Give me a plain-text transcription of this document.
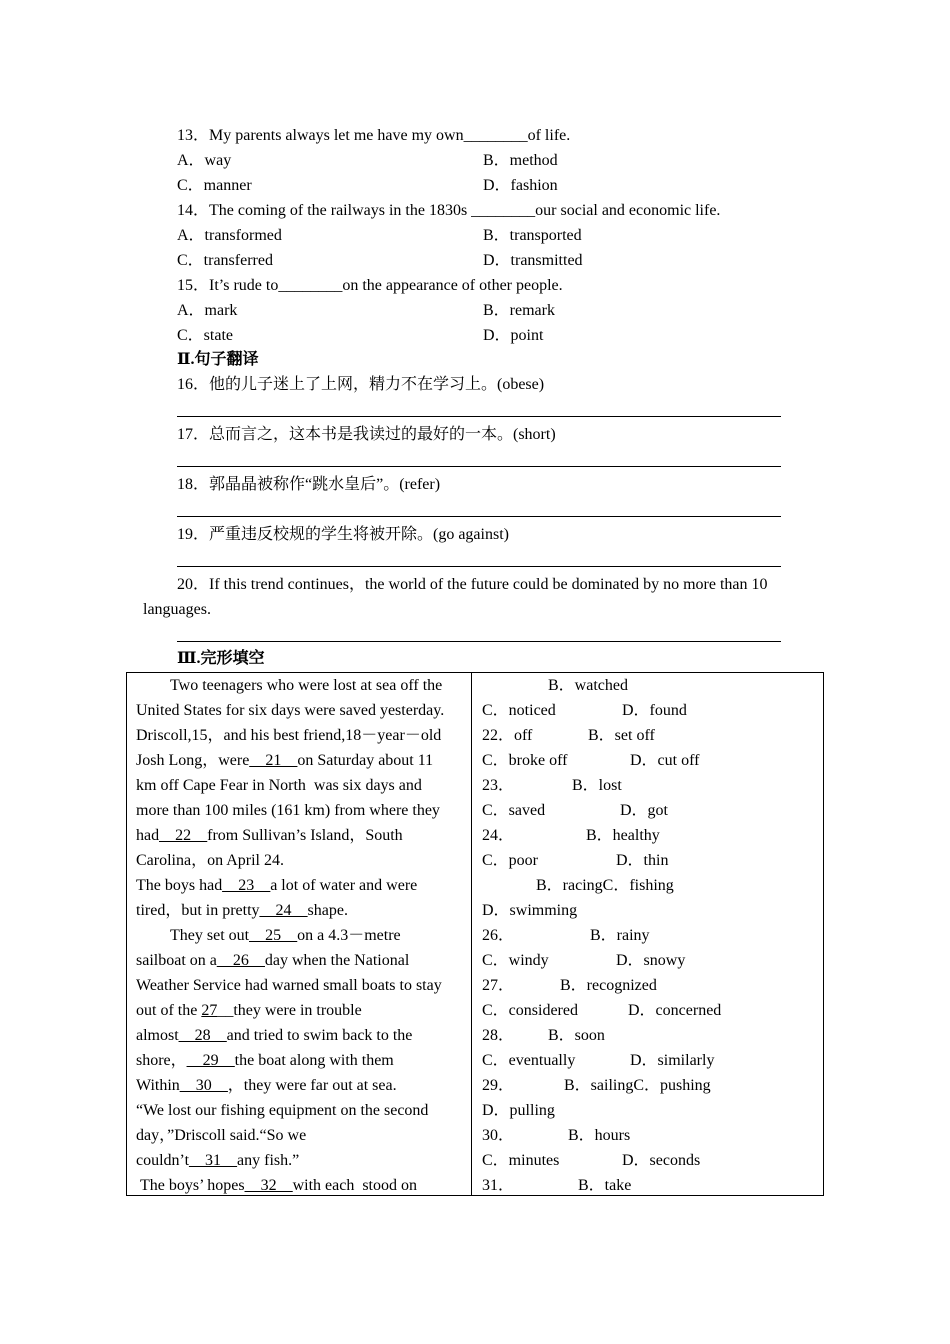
13．My parents always let me have my own________of life.
A．way	B．method
C．manner	D．fashion
14．The coming of the railways in the 1830s ________our social and economic life.
A．transformed	B．transported
C．transferred	D．transmitted
15．It’s rude to________on the appearance of other people.
A．mark	B．remark
C．state	D．point
Ⅱ.句子翻译
16．他的儿子迷上了上网，精力不在学习上。(obese)
17．总而言之，这本书是我读过的最好的一本。(short)
18．郭晶晶被称作“跳水皇后”。(refer)
19．严重违反校规的学生将被开除。(go against)
20．If this trend continues，the world of the future could be dominated by no more than 10
languages.
Ⅲ.完形填空
Two teenagers who were lost at sea off the
United States for six days were saved yesterday.
Driscoll,15，and his best friend,18－year－old
Josh Long，were__21__on Saturday about 11
km off Cape Fear in North  was six days and
more than 100 miles (161 km) from where they
had__22__from Sullivan’s Island，South
Carolina，on April 24.
The boys had__23__a lot of water and were
tired，but in pretty__24__shape.
They set out__25__on a 4.3－metre
sailboat on a__26__day when the National
Weather Service had warned small boats to stay
out of the 27__they were in trouble
almost__28__and tried to swim back to the
shore，__29__the boat along with them
Within__30__，they were far out at sea.
“We lost our fishing equipment on the second
day，”Driscoll said.“So we
couldn’t__31__any fish.”
The boys’ hopes__32__with each  stood on

B．watched
C．noticed	D．found
22．off	B．set off
C．broke off	D．cut off
23．	B．lost
C．saved	D．got
24．	B．healthy
C．poor	D．thin
B．racingC．fishing
D．swimming
26．	B．rainy
C．windy	D．snowy
27．	B．recognized
C．considered	D．concerned
28． B．soon
C．eventually	D．similarly
29．	B．sailingC．pushing
D．pulling
30．	B．hours
C．minutes	D．seconds
31．	B．take
